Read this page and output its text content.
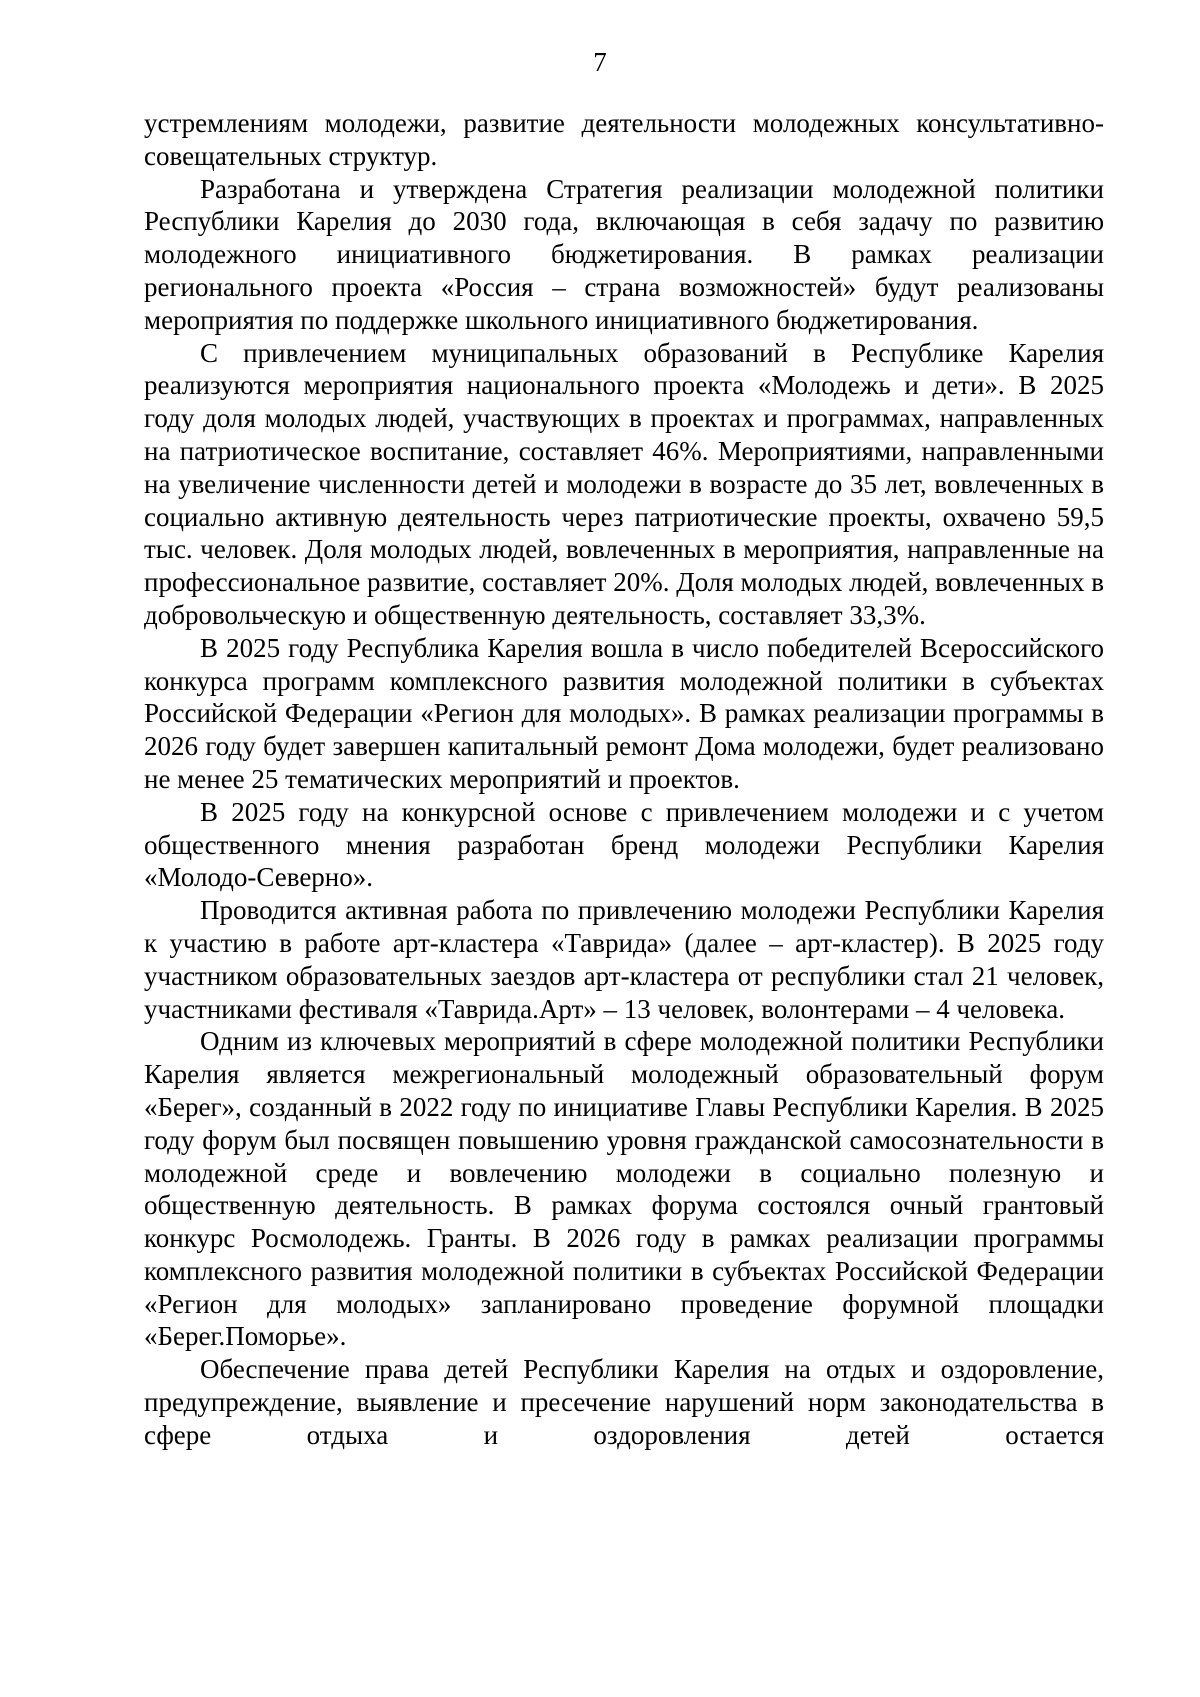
7

устремлениям молодежи, развитие деятельности молодежных консультативно-совещательных структур.

Разработана и утверждена Стратегия реализации молодежной политики Республики Карелия до 2030 года, включающая в себя задачу по развитию молодежного инициативного бюджетирования. В рамках реализации регионального проекта «Россия – страна возможностей» будут реализованы мероприятия по поддержке школьного инициативного бюджетирования.

С привлечением муниципальных образований в Республике Карелия реализуются мероприятия национального проекта «Молодежь и дети». В 2025 году доля молодых людей, участвующих в проектах и программах, направленных на патриотическое воспитание, составляет 46%. Мероприятиями, направленными на увеличение численности детей и молодежи в возрасте до 35 лет, вовлеченных в социально активную деятельность через патриотические проекты, охвачено 59,5 тыс. человек. Доля молодых людей, вовлеченных в мероприятия, направленные на профессиональное развитие, составляет 20%. Доля молодых людей, вовлеченных в добровольческую и общественную деятельность, составляет 33,3%.

В 2025 году Республика Карелия вошла в число победителей Всероссийского конкурса программ комплексного развития молодежной политики в субъектах Российской Федерации «Регион для молодых». В рамках реализации программы в 2026 году будет завершен капитальный ремонт Дома молодежи, будет реализовано не менее 25 тематических мероприятий и проектов.

В 2025 году на конкурсной основе с привлечением молодежи и с учетом общественного мнения разработан бренд молодежи Республики Карелия «Молодо-Северно».

Проводится активная работа по привлечению молодежи Республики Карелия к участию в работе арт-кластера «Таврида» (далее – арт-кластер). В 2025 году участником образовательных заездов арт-кластера от республики стал 21 человек, участниками фестиваля «Таврида.Арт» – 13 человек, волонтерами – 4 человека.

Одним из ключевых мероприятий в сфере молодежной политики Республики Карелия является межрегиональный молодежный образовательный форум «Берег», созданный в 2022 году по инициативе Главы Республики Карелия. В 2025 году форум был посвящен повышению уровня гражданской самосознательности в молодежной среде и вовлечению молодежи в социально полезную и общественную деятельность. В рамках форума состоялся очный грантовый конкурс Росмолодежь. Гранты. В 2026 году в рамках реализации программы комплексного развития молодежной политики в субъектах Российской Федерации «Регион для молодых» запланировано проведение форумной площадки «Берег.Поморье».

Обеспечение права детей Республики Карелия на отдых и оздоровление, предупреждение, выявление и пресечение нарушений норм законодательства в сфере отдыха и оздоровления детей остается
